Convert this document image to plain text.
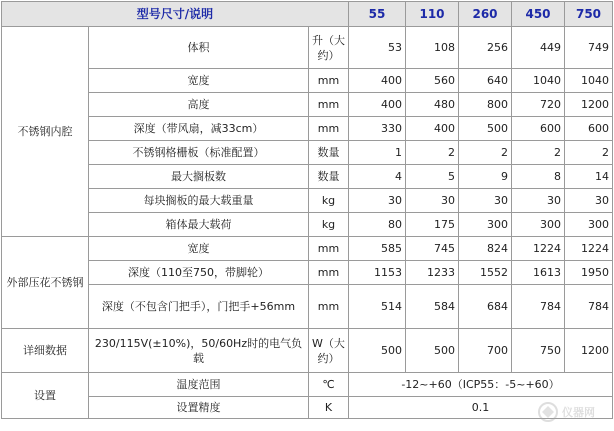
型号尺寸/说明			55	110	260	450	750
不锈钢内腔	体积	升（大约）	53	108	256	449	749
	宽度	mm	400	560	640	1040	1040
	高度	mm	400	480	800	720	1200
	深度（带风扇，减33cm）	mm	330	400	500	600	600
	不锈钢格栅板（标准配置）	数量	1	2	2	2	2
	最大搁板数	数量	4	5	9	8	14
	每块搁板的最大载重量	kg	30	30	30	30	30
	箱体最大载荷	kg	80	175	300	300	300
外部压花不锈钢	宽度	mm	585	745	824	1224	1224
	深度（110至750，带脚轮）	mm	1153	1233	1552	1613	1950
	深度（不包含门把手），门把手+56mm	mm	514	584	684	784	784
详细数据	230/115V(±10%)，50/60Hz时的电气负载	W（大约）	500	500	700	750	1200
设置	温度范围	℃	-12~+60（ICP55：-5~+60）				
	设置精度	K	0.1					仪器网
